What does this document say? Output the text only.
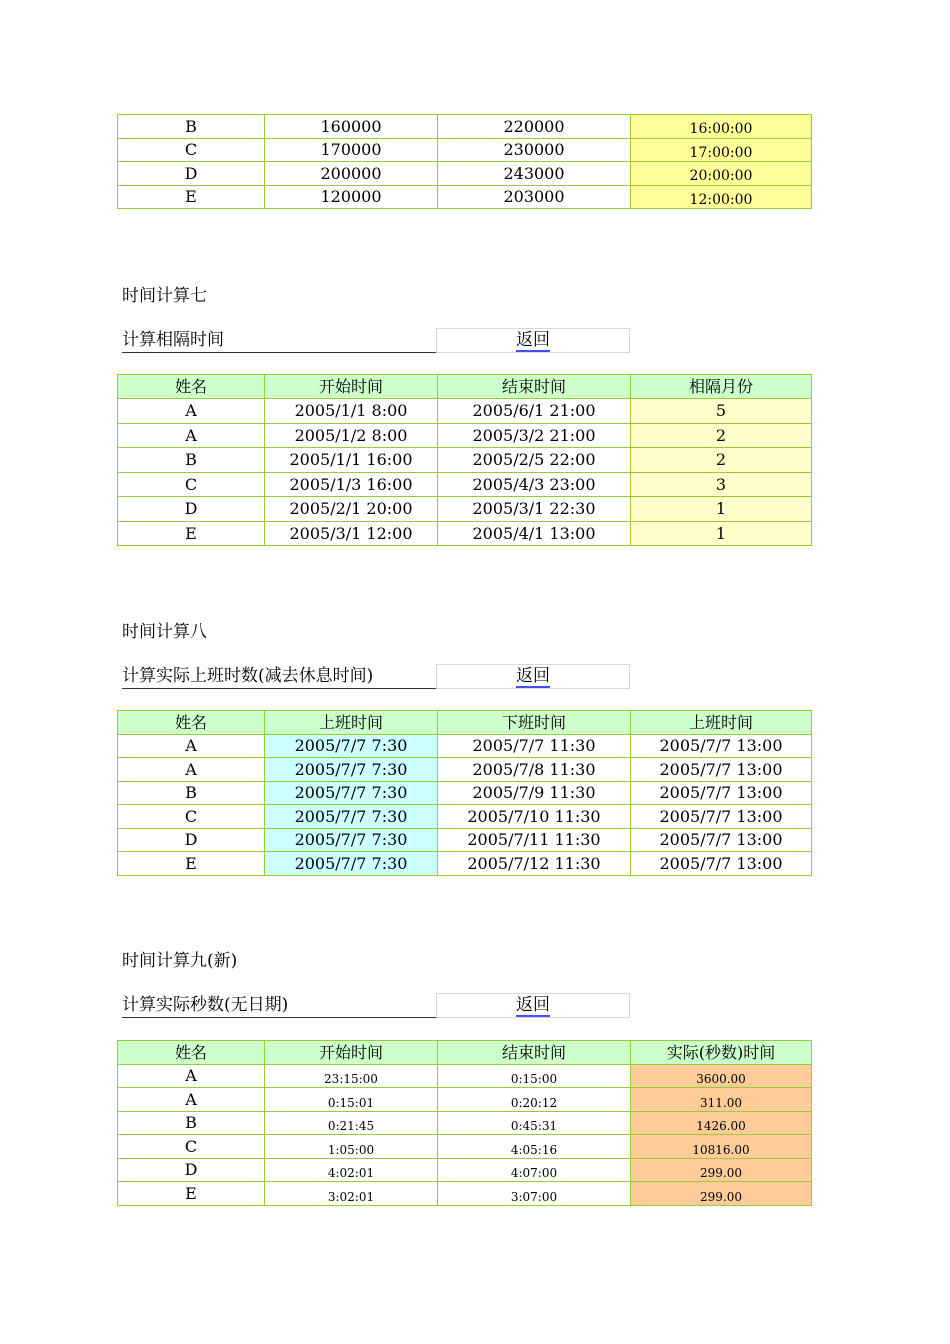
B	160000	220000	16:00:00
C	170000	230000	17:00:00
D	200000	243000	20:00:00
E	120000	203000	12:00:00
时间计算七
计算相隔时间	返回
姓名	开始时间	结束时间	相隔月份
A	2005/1/1 8:00	2005/6/1 21:00	5
A	2005/1/2 8:00	2005/3/2 21:00	2
B	2005/1/1 16:00	2005/2/5 22:00	2
C	2005/1/3 16:00	2005/4/3 23:00	3
D	2005/2/1 20:00	2005/3/1 22:30	1
E	2005/3/1 12:00	2005/4/1 13:00	1
时间计算八
计算实际上班时数(减去休息时间)	返回
姓名	上班时间	下班时间	上班时间
A	2005/7/7 7:30	2005/7/7 11:30	2005/7/7 13:00
A	2005/7/7 7:30	2005/7/8 11:30	2005/7/7 13:00
B	2005/7/7 7:30	2005/7/9 11:30	2005/7/7 13:00
C	2005/7/7 7:30	2005/7/10 11:30	2005/7/7 13:00
D	2005/7/7 7:30	2005/7/11 11:30	2005/7/7 13:00
E	2005/7/7 7:30	2005/7/12 11:30	2005/7/7 13:00
时间计算九(新)
计算实际秒数(无日期)	返回
姓名	开始时间	结束时间	实际(秒数)时间
A	23:15:00	0:15:00	3600.00
A	0:15:01	0:20:12	311.00
B	0:21:45	0:45:31	1426.00
C	1:05:00	4:05:16	10816.00
D	4:02:01	4:07:00	299.00
E	3:02:01	3:07:00	299.00
